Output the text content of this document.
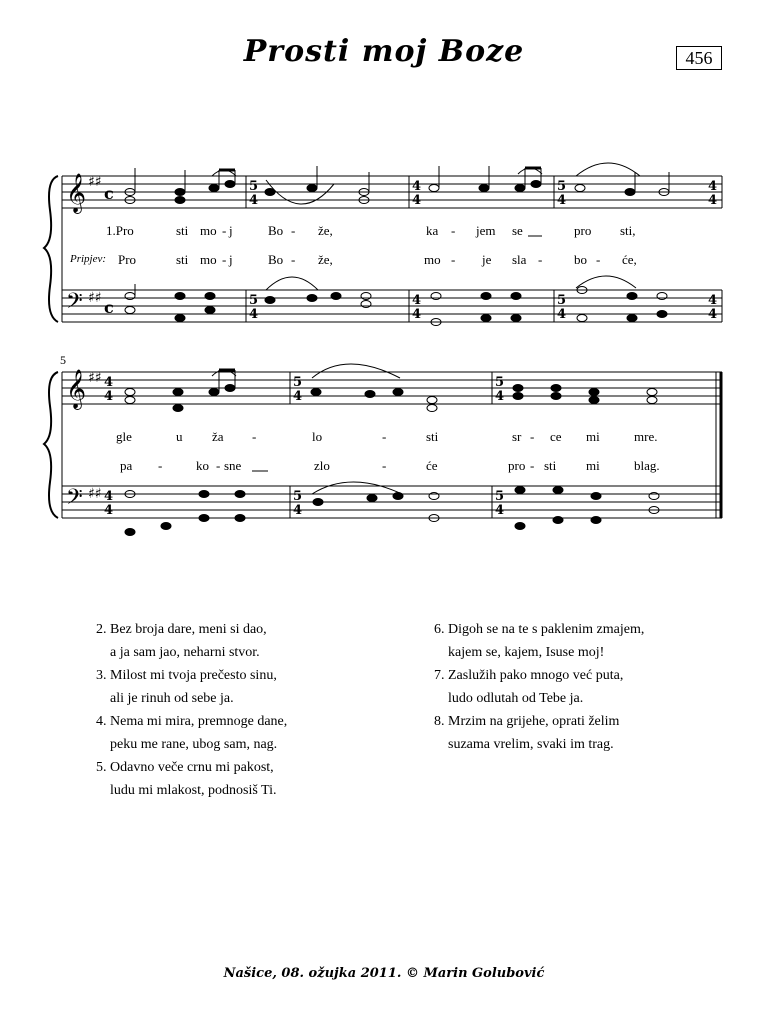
Prosti moj Boze	456
𝄞
𝄢
♯♯
♯♯
c
c
5
4
5
4
4
4
4
4
5
4
5
4
4
4
4
4
1.Pro	sti mo - j	Bo - že,	ka - jem se	pro sti,
Pripjev: Pro	sti mo - j	Bo - že,	mo - je sla - bo - će,
5
𝄞
𝄢
♯♯
♯♯
4
4
4
4
5
4
5
4
5
4
5
4
gle	u ža -	lo	-	sti	sr - ce mi	mre.
pa -	ko - sne	zlo	-	će	pro - sti mi	blag.
2. Bez broja dare, meni si dao,
a ja sam jao, neharni stvor.
3. Milost mi tvoja prečesto sinu,
ali je rinuh od sebe ja.
4. Nema mi mira, premnoge dane,
peku me rane, ubog sam, nag.
5. Odavno veče crnu mi pakost,
ludu mi mlakost, podnosiš Ti.
6. Digoh se na te s paklenim zmajem,
kajem se, kajem, Isuse moj!
7. Zaslužih pako mnogo već puta,
ludo odlutah od Tebe ja.
8. Mrzim na grijehe, oprati želim
suzama vrelim, svaki im trag.
Našice, 08. ožujka 2011. © Marin Golubović
